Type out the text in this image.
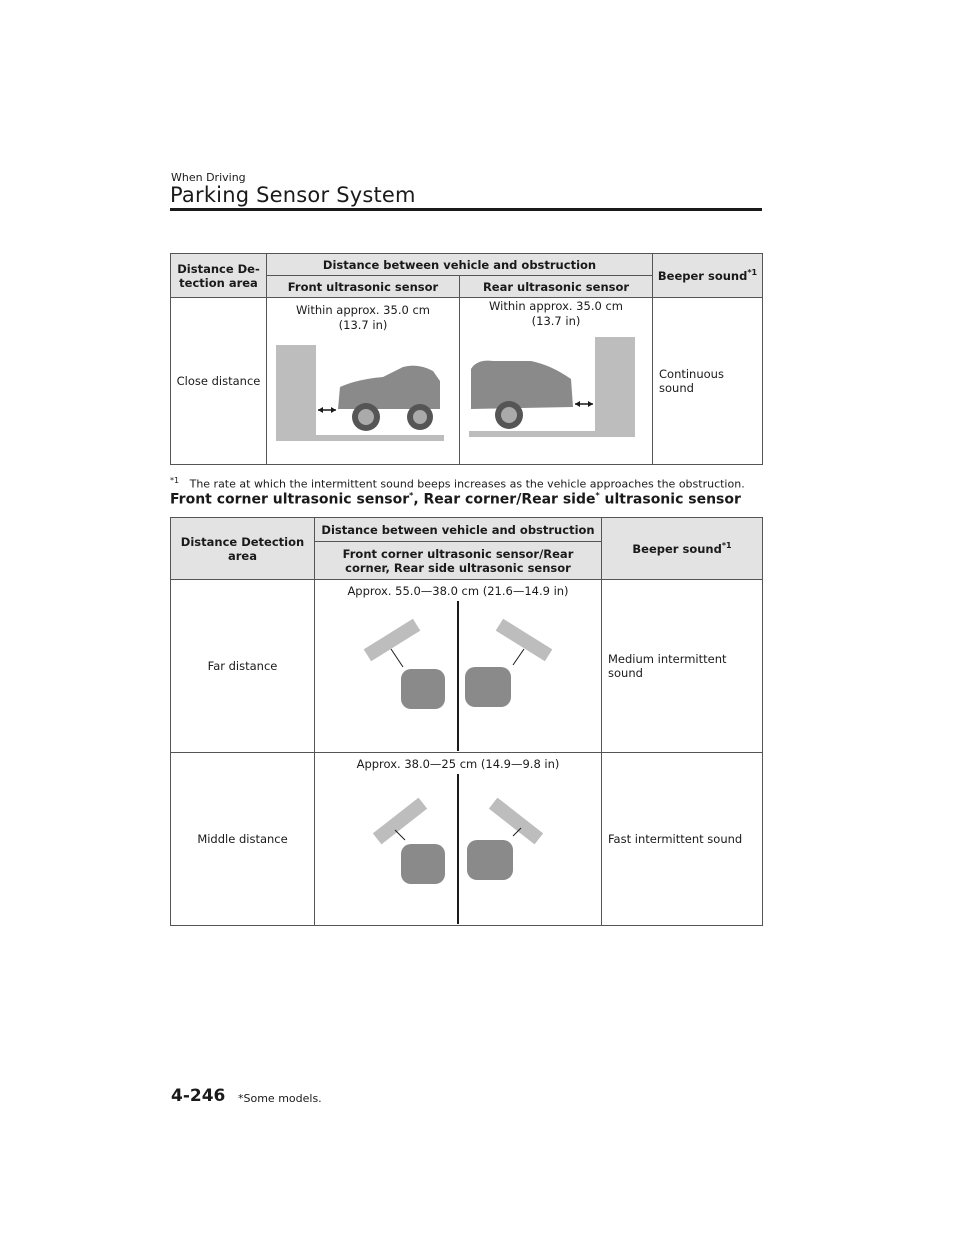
When Driving
Parking Sensor System
Distance De-
tection area	Distance between vehicle and obstruction		Beeper sound$^{*1}$
	Front ultrasonic sensor	Rear ultrasonic sensor	
Close distance	Within approx. 35.0 cm (13.7 in)	Within approx. 35.0 cm (13.7 in)	Continuous sound
$^{*1}$ The rate at which the intermittent sound beeps increases as the vehicle approaches the obstruction.
Front corner ultrasonic sensor*, Rear corner/Rear side* ultrasonic sensor
Distance Detection area	Distance between vehicle and obstruction	Beeper sound$^{*1}$
	Front corner ultrasonic sensor/Rear corner, Rear side ultrasonic sensor	
Far distance	Approx. 55.0—38.0 cm (21.6—14.9 in)	Medium intermittent sound
Middle distance	Approx. 38.0—25 cm (14.9—9.8 in)	Fast intermittent sound
4-246 *Some models.
